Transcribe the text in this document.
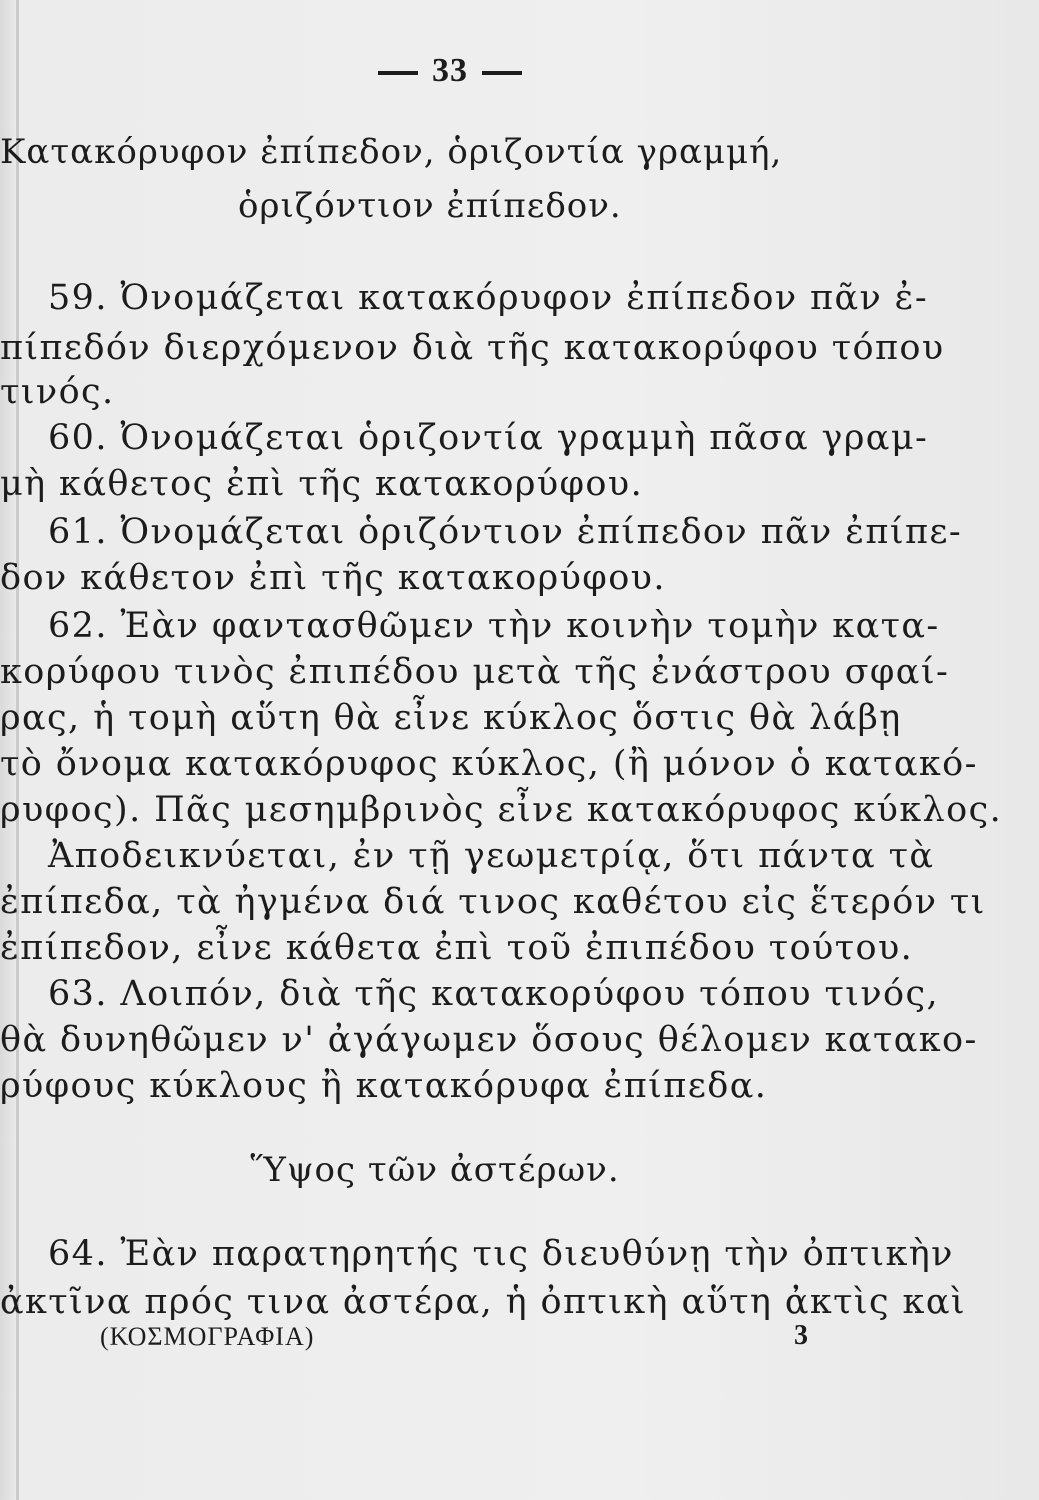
33
Κατακόρυφον ἐπίπεδον, ὁριζοντία γραμμή,
ὁριζόντιον ἐπίπεδον.
59. Ὀνομάζεται κατακόρυφον ἐπίπεδον πᾶν ἐ-
πίπεδόν διερχόμενον διὰ τῆς κατακορύφου τόπου
τινός.
60. Ὀνομάζεται ὁριζοντία γραμμὴ πᾶσα γραμ-
μὴ κάθετος ἐπὶ τῆς κατακορύφου.
61. Ὀνομάζεται ὁριζόντιον ἐπίπεδον πᾶν ἐπίπε-
δον κάθετον ἐπὶ τῆς κατακορύφου.
62. Ἐὰν φαντασθῶμεν τὴν κοινὴν τομὴν κατα-
κορύφου τινὸς ἐπιπέδου μετὰ τῆς ἐνάστρου σφαί-
ρας, ἡ τομὴ αὕτη θὰ εἶνε κύκλος ὅστις θὰ λάβῃ
τὸ ὄνομα κατακόρυφος κύκλος, (ἢ μόνον ὁ κατακό-
ρυφος). Πᾶς μεσημβρινὸς εἶνε κατακόρυφος κύκλος.
Ἀποδεικνύεται, ἐν τῇ γεωμετρίᾳ, ὅτι πάντα τὰ
ἐπίπεδα, τὰ ἠγμένα διά τινος καθέτου εἰς ἕτερόν τι
ἐπίπεδον, εἶνε κάθετα ἐπὶ τοῦ ἐπιπέδου τούτου.
63. Λοιπόν, διὰ τῆς κατακορύφου τόπου τινός,
θὰ δυνηθῶμεν ν' ἀγάγωμεν ὅσους θέλομεν κατακο-
ρύφους κύκλους ἢ κατακόρυφα ἐπίπεδα.
Ὕψος τῶν ἀστέρων.
64. Ἐὰν παρατηρητής τις διευθύνῃ τὴν ὀπτικὴν
ἀκτῖνα πρός τινα ἀστέρα, ἡ ὀπτικὴ αὕτη ἀκτὶς καὶ
(ΚΟΣΜΟΓΡΑΦΙΑ)	3
